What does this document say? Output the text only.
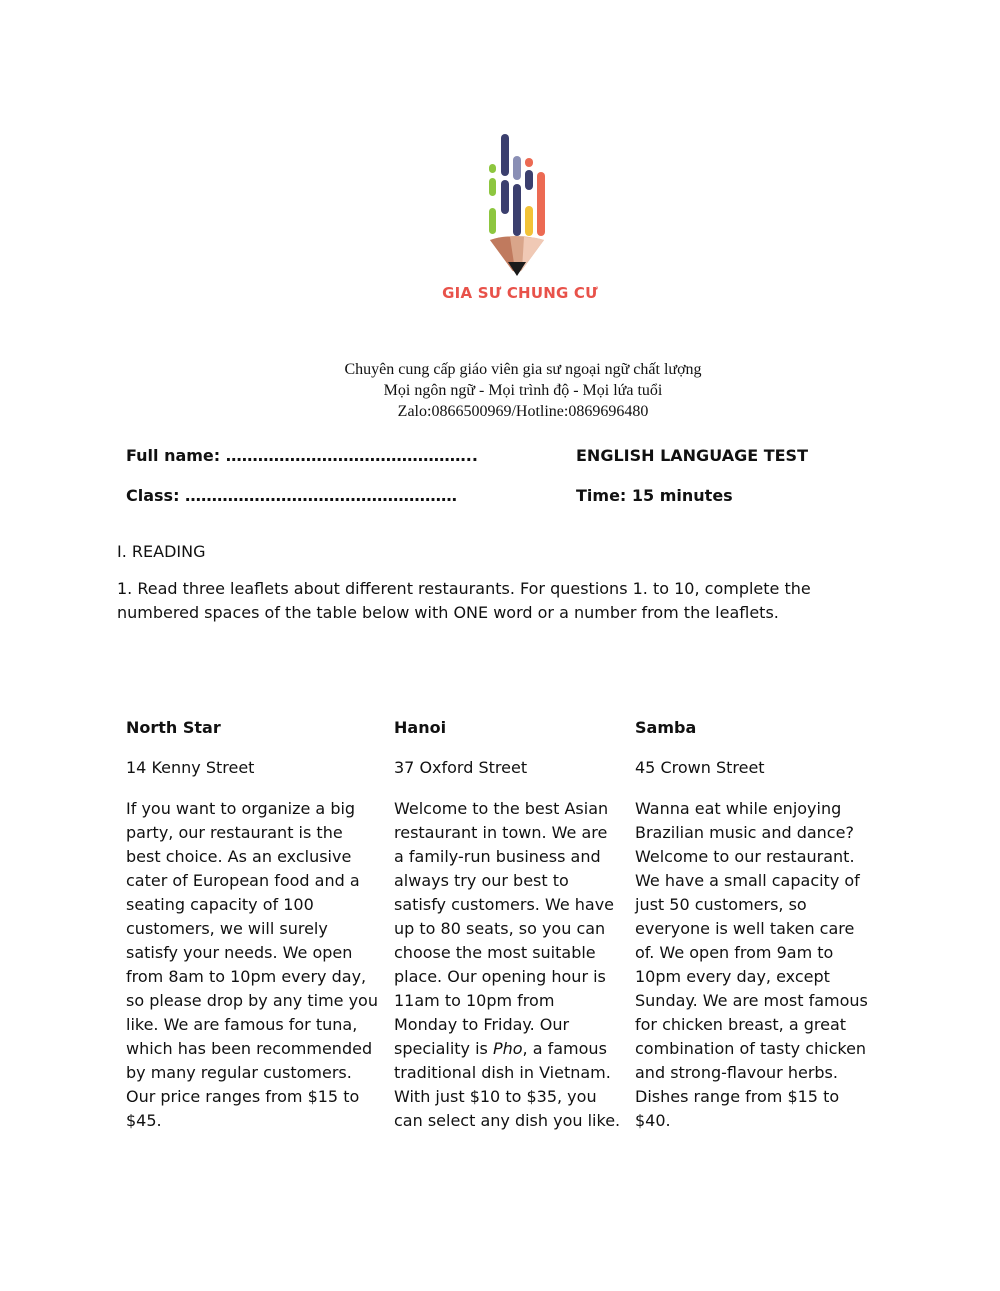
GIA SƯ CHUNG CƯ
Chuyên cung cấp giáo viên gia sư ngoại ngữ chất lượng
Mọi ngôn ngữ - Mọi trình độ - Mọi lứa tuổi
Zalo:0866500969/Hotline:0869696480
Full name: ………………………………………..	ENGLISH LANGUAGE TEST
Class: ……………………………………………	Time: 15 minutes
I. READING
1. Read three leaflets about different restaurants. For questions 1. to 10, complete the
numbered spaces of the table below with ONE word or a number from the leaflets.
North Star
14 Kenny Street
If you want to organize a big
party, our restaurant is the
best choice. As an exclusive
cater of European food and a
seating capacity of 100
customers, we will surely
satisfy your needs. We open
from 8am to 10pm every day,
so please drop by any time you
like. We are famous for tuna,
which has been recommended
by many regular customers.
Our price ranges from $15 to
$45.
Hanoi
37 Oxford Street
Welcome to the best Asian
restaurant in town. We are
a family-run business and
always try our best to
satisfy customers. We have
up to 80 seats, so you can
choose the most suitable
place. Our opening hour is
11am to 10pm from
Monday to Friday. Our
speciality is Pho, a famous
traditional dish in Vietnam.
With just $10 to $35, you
can select any dish you like.
Samba
45 Crown Street
Wanna eat while enjoying
Brazilian music and dance?
Welcome to our restaurant.
We have a small capacity of
just 50 customers, so
everyone is well taken care
of. We open from 9am to
10pm every day, except
Sunday. We are most famous
for chicken breast, a great
combination of tasty chicken
and strong-flavour herbs.
Dishes range from $15 to
$40.
